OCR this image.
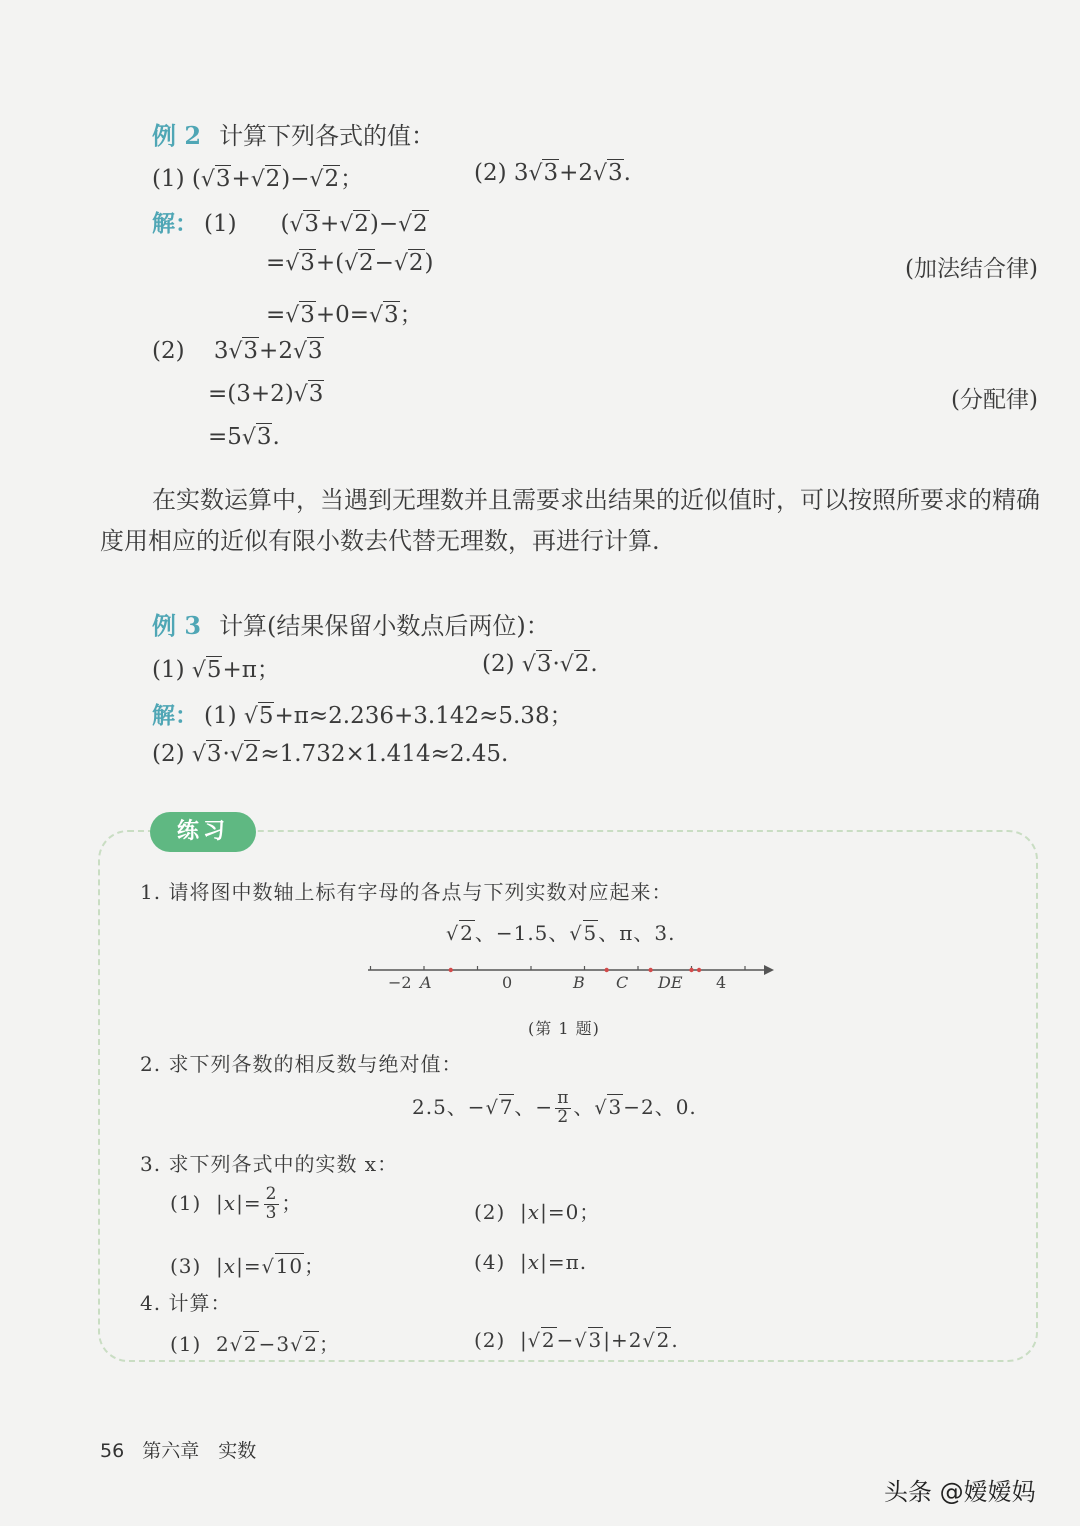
例 2 计算下列各式的值：
(1) (√3+√2)−√2；	(2) 3√3+2√3.
解： (1)      (√3+√2)−√2
=√3+(√2−√2)	(加法结合律)
=√3+0=√3；
(2)    3√3+2√3
=(3+2)√3	(分配律)
=5√3.
在实数运算中，当遇到无理数并且需要求出结果的近似值时，可以按照所要求的精确度用相应的近似有限小数去代替无理数，再进行计算.
例 3 计算(结果保留小数点后两位)：
(1) √5+π；	(2) √3·√2.
解： (1) √5+π≈2.236+3.142≈5.38；
(2) √3·√2≈1.732×1.414≈2.45.
练习
1. 请将图中数轴上标有字母的各点与下列实数对应起来：
√2、−1.5、√5、π、3.
−2	0	4
A	B C DE
(第 1 题)
2. 求下列各数的相反数与绝对值：
2.5、−√7、− $\frac{\pi}{2}$ 、√3−2、0.
3. 求下列各式中的实数 x：
(1)  $|x|= \frac{2}{3}$ ；	(2)  |x|=0；
(3)  |x|=√10；	(4)  |x|=π.
4. 计算：
(1)  2√2−3√2；	(2)  |√2−√3|+2√2.
56 第六章　实数
头条 @嫒嫒妈
